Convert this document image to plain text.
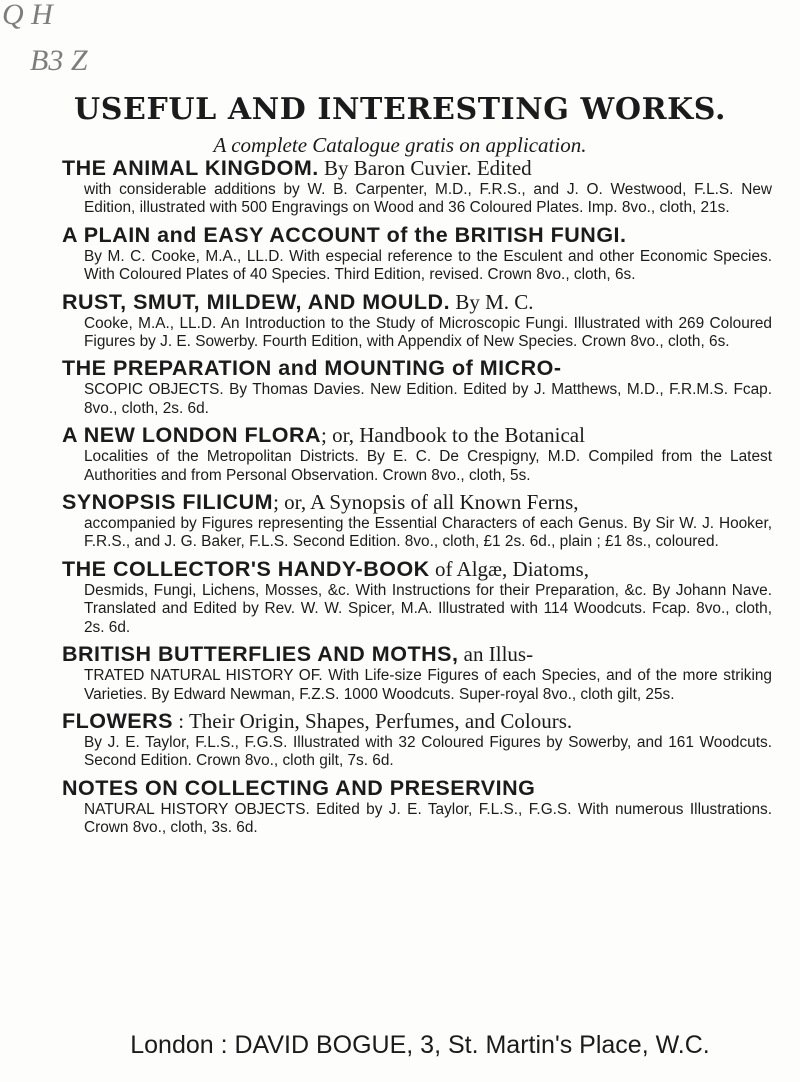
Q H
B3 Z
USEFUL AND INTERESTING WORKS.
A complete Catalogue gratis on application.
THE ANIMAL KINGDOM. By Baron Cuvier. Edited
with considerable additions by W. B. Carpenter, M.D., F.R.S., and J. O. Westwood, F.L.S. New Edition, illustrated with 500 Engravings on Wood and 36 Coloured Plates. Imp. 8vo., cloth, 21s.
A PLAIN and EASY ACCOUNT of the BRITISH FUNGI.
By M. C. Cooke, M.A., LL.D. With especial reference to the Esculent and other Economic Species. With Coloured Plates of 40 Species. Third Edition, revised. Crown 8vo., cloth, 6s.
RUST, SMUT, MILDEW, AND MOULD. By M. C.
Cooke, M.A., LL.D. An Introduction to the Study of Microscopic Fungi. Illustrated with 269 Coloured Figures by J. E. Sowerby. Fourth Edition, with Appendix of New Species. Crown 8vo., cloth, 6s.
THE PREPARATION and MOUNTING of MICRO-
SCOPIC OBJECTS. By Thomas Davies. New Edition. Edited by J. Matthews, M.D., F.R.M.S. Fcap. 8vo., cloth, 2s. 6d.
A NEW LONDON FLORA; or, Handbook to the Botanical
Localities of the Metropolitan Districts. By E. C. De Crespigny, M.D. Compiled from the Latest Authorities and from Personal Observation. Crown 8vo., cloth, 5s.
SYNOPSIS FILICUM; or, A Synopsis of all Known Ferns,
accompanied by Figures representing the Essential Characters of each Genus. By Sir W. J. Hooker, F.R.S., and J. G. Baker, F.L.S. Second Edition. 8vo., cloth, £1 2s. 6d., plain ; £1 8s., coloured.
THE COLLECTOR'S HANDY-BOOK of Algæ, Diatoms,
Desmids, Fungi, Lichens, Mosses, &c. With Instructions for their Preparation, &c. By Johann Nave. Translated and Edited by Rev. W. W. Spicer, M.A. Illustrated with 114 Woodcuts. Fcap. 8vo., cloth, 2s. 6d.
BRITISH BUTTERFLIES AND MOTHS, an Illus-
TRATED NATURAL HISTORY OF. With Life-size Figures of each Species, and of the more striking Varieties. By Edward Newman, F.Z.S. 1000 Woodcuts. Super-royal 8vo., cloth gilt, 25s.
FLOWERS : Their Origin, Shapes, Perfumes, and Colours.
By J. E. Taylor, F.L.S., F.G.S. Illustrated with 32 Coloured Figures by Sowerby, and 161 Woodcuts. Second Edition. Crown 8vo., cloth gilt, 7s. 6d.
NOTES ON COLLECTING AND PRESERVING
NATURAL HISTORY OBJECTS. Edited by J. E. Taylor, F.L.S., F.G.S. With numerous Illustrations. Crown 8vo., cloth, 3s. 6d.
London : DAVID BOGUE, 3, St. Martin's Place, W.C.
